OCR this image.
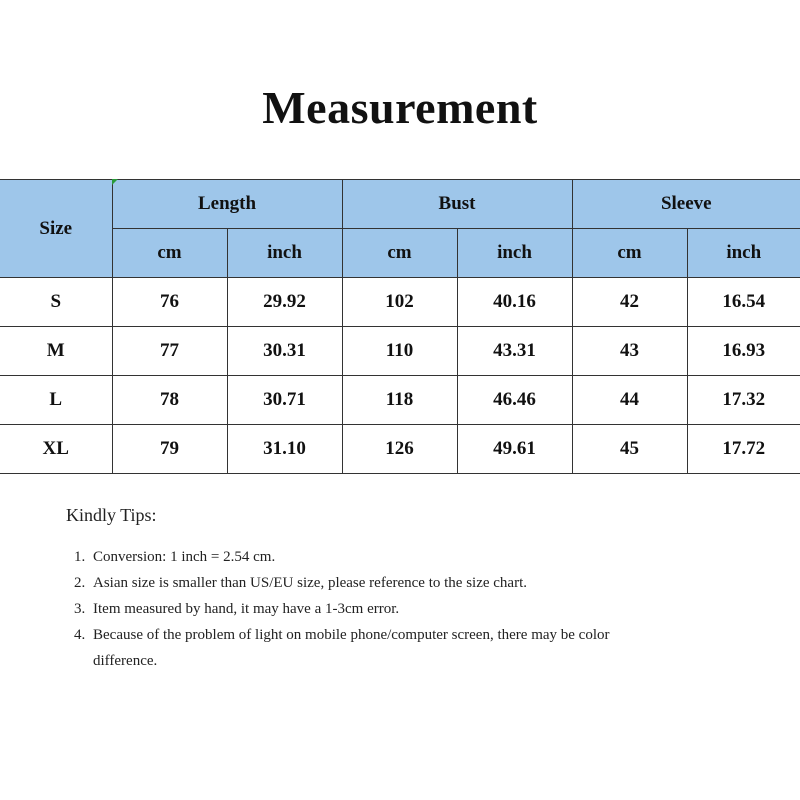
Measurement
Size	Length		Bust		Sleeve	
	cm	inch	cm	inch	cm	inch
S	76	29.92	102	40.16	42	16.54
M	77	30.31	110	43.31	43	16.93
L	78	30.71	118	46.46	44	17.32
XL	79	31.10	126	49.61	45	17.72
Kindly Tips:
1. Conversion: 1 inch = 2.54 cm.
2. Asian size is smaller than US/EU size, please reference to the size chart.
3. Item measured by hand, it may have a 1-3cm error.
4. Because of the problem of light on mobile phone/computer screen, there may be color difference.
